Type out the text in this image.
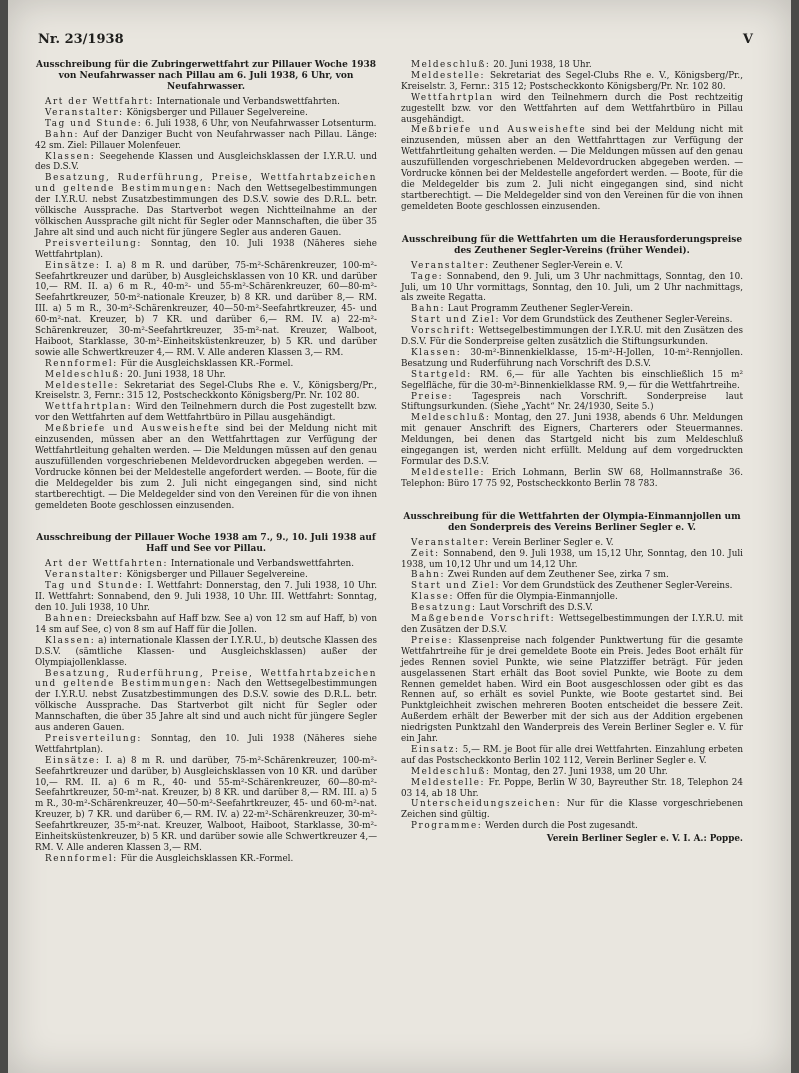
Nr. 23/1938	V
Ausschreibung für die Zubringerwettfahrt zur Pillauer Woche 1938 von Neufahrwasser nach Pillau am 6. Juli 1938, 6 Uhr, von Neufahrwasser.

Art der Wettfahrt: Internationale und Verbandswettfahrten.

Veranstalter: Königsberger und Pillauer Segelvereine.

Tag und Stunde: 6. Juli 1938, 6 Uhr, von Neufahrwasser Lotsenturm.

Bahn: Auf der Danziger Bucht von Neufahrwasser nach Pillau. Länge: 42 sm. Ziel: Pillauer Molenfeuer.

Klassen: Seegehende Klassen und Ausgleichsklassen der I.Y.R.U. und des D.S.V.

Besatzung, Ruderführung, Preise, Wettfahrtabzeichen und geltende Bestimmungen: Nach den Wettsegelbestimmungen der I.Y.R.U. nebst Zusatzbestimmungen des D.S.V. sowie des D.R.L. betr. völkische Aussprache. Das Startverbot wegen Nichtteilnahme an der völkischen Aussprache gilt nicht für Segler oder Mannschaften, die über 35 Jahre alt sind und auch nicht für jüngere Segler aus anderen Gauen.

Preisverteilung: Sonntag, den 10. Juli 1938 (Näheres siehe Wettfahrtplan).

Einsätze: I. a) 8 m R. und darüber, 75-m²-Schärenkreuzer, 100-m²-Seefahrtkreuzer und darüber, b) Ausgleichsklassen von 10 KR. und darüber 10,— RM. II. a) 6 m R., 40-m²- und 55-m²-Schärenkreuzer, 60—80-m²-Seefahrtkreuzer, 50-m²-nationale Kreuzer, b) 8 KR. und darüber 8,— RM. III. a) 5 m R., 30-m²-Schärenkreuzer, 40—50-m²-Seefahrtkreuzer, 45- und 60-m²-nat. Kreuzer, b) 7 KR. und darüber 6,— RM. IV. a) 22-m²-Schärenkreuzer, 30-m²-Seefahrtkreuzer, 35-m²-nat. Kreuzer, Walboot, Haiboot, Starklasse, 30-m²-Einheitsküstenkreuzer, b) 5 KR. und darüber sowie alle Schwertkreuzer 4,— RM. V. Alle anderen Klassen 3,— RM.

Rennformel: Für die Ausgleichsklassen KR.-Formel.

Meldeschluß: 20. Juni 1938, 18 Uhr.

Meldestelle: Sekretariat des Segel-Clubs Rhe e. V., Königsberg/Pr., Kreiselstr. 3, Fernr.: 315 12, Postscheckkonto Königsberg/Pr. Nr. 102 80.

Wettfahrtplan: Wird den Teilnehmern durch die Post zugestellt bzw. vor den Wettfahrten auf dem Wettfahrtbüro in Pillau ausgehändigt.

Meßbriefe und Ausweishefte sind bei der Meldung nicht mit einzusenden, müssen aber an den Wettfahrttagen zur Verfügung der Wettfahrtleitung gehalten werden. — Die Meldungen müssen auf den genau auszufüllenden vorgeschriebenen Meldevordrucken abgegeben werden. — Vordrucke können bei der Meldestelle angefordert werden. — Boote, für die die Meldegelder bis zum 2. Juli nicht eingegangen sind, sind nicht startberechtigt. — Die Meldegelder sind von den Vereinen für die von ihnen gemeldeten Boote geschlossen einzusenden.

Ausschreibung der Pillauer Woche 1938 am 7., 9., 10. Juli 1938 auf Haff und See vor Pillau.

Art der Wettfahrten: Internationale und Verbandswettfahrten.

Veranstalter: Königsberger und Pillauer Segelvereine.

Tag und Stunde: I. Wettfahrt: Donnerstag, den 7. Juli 1938, 10 Uhr. II. Wettfahrt: Sonnabend, den 9. Juli 1938, 10 Uhr. III. Wettfahrt: Sonntag, den 10. Juli 1938, 10 Uhr.

Bahnen: Dreiecksbahn auf Haff bzw. See a) von 12 sm auf Haff, b) von 14 sm auf See, c) von 8 sm auf Haff für die Jollen.

Klassen: a) internationale Klassen der I.Y.R.U., b) deutsche Klassen des D.S.V. (sämtliche Klassen- und Ausgleichsklassen) außer der Olympiajollenklasse.

Besatzung, Ruderführung, Preise, Wettfahrtabzeichen und geltende Bestimmungen: Nach den Wettsegelbestimmungen der I.Y.R.U. nebst Zusatzbestimmungen des D.S.V. sowie des D.R.L. betr. völkische Aussprache. Das Startverbot gilt nicht für Segler oder Mannschaften, die über 35 Jahre alt sind und auch nicht für jüngere Segler aus anderen Gauen.

Preisverteilung: Sonntag, den 10. Juli 1938 (Näheres siehe Wettfahrtplan).

Einsätze: I. a) 8 m R. und darüber, 75-m²-Schärenkreuzer, 100-m²-Seefahrtkreuzer und darüber, b) Ausgleichsklassen von 10 KR. und darüber 10,— RM. II. a) 6 m R., 40- und 55-m²-Schärenkreuzer, 60—80-m²-Seefahrtkreuzer, 50-m²-nat. Kreuzer, b) 8 KR. und darüber 8,— RM. III. a) 5 m R., 30-m²-Schärenkreuzer, 40—50-m²-Seefahrtkreuzer, 45- und 60-m²-nat. Kreuzer, b) 7 KR. und darüber 6,— RM. IV. a) 22-m²-Schärenkreuzer, 30-m²-Seefahrtkreuzer, 35-m²-nat. Kreuzer, Walboot, Haiboot, Starklasse, 30-m²-Einheitsküstenkreuzer, b) 5 KR. und darüber sowie alle Schwertkreuzer 4,— RM. V. Alle anderen Klassen 3,— RM.

Rennformel: Für die Ausgleichsklassen KR.-Formel.

Meldeschluß: 20. Juni 1938, 18 Uhr.

Meldestelle: Sekretariat des Segel-Clubs Rhe e. V., Königsberg/Pr., Kreiselstr. 3, Fernr.: 315 12; Postscheckkonto Königsberg/Pr. Nr. 102 80.

Wettfahrtplan wird den Teilnehmern durch die Post rechtzeitig zugestellt bzw. vor den Wettfahrten auf dem Wettfahrtbüro in Pillau ausgehändigt.

Meßbriefe und Ausweishefte sind bei der Meldung nicht mit einzusenden, müssen aber an den Wettfahrttagen zur Verfügung der Wettfahrtleitung gehalten werden. — Die Meldungen müssen auf den genau auszufüllenden vorgeschriebenen Meldevordrucken abgegeben werden. — Vordrucke können bei der Meldestelle angefordert werden. — Boote, für die die Meldegelder bis zum 2. Juli nicht eingegangen sind, sind nicht startberechtigt. — Die Meldegelder sind von den Vereinen für die von ihnen gemeldeten Boote geschlossen einzusenden.

Ausschreibung für die Wettfahrten um die Herausforderungspreise des Zeuthener Segler-Vereins (früher Wendei).

Veranstalter: Zeuthener Segler-Verein e. V.

Tage: Sonnabend, den 9. Juli, um 3 Uhr nachmittags, Sonntag, den 10. Juli, um 10 Uhr vormittags, Sonntag, den 10. Juli, um 2 Uhr nachmittags, als zweite Regatta.

Bahn: Laut Programm Zeuthener Segler-Verein.

Start und Ziel: Vor dem Grundstück des Zeuthener Segler-Vereins.

Vorschrift: Wettsegelbestimmungen der I.Y.R.U. mit den Zusätzen des D.S.V. Für die Sonderpreise gelten zusätzlich die Stiftungsurkunden.

Klassen: 30-m²-Binnenkielklasse, 15-m²-H-Jollen, 10-m²-Rennjollen. Besatzung und Ruderführung nach Vorschrift des D.S.V.

Startgeld: RM. 6,— für alle Yachten bis einschließlich 15 m² Segelfläche, für die 30-m²-Binnenkielklasse RM. 9,— für die Wettfahrtreihe.

Preise: Tagespreis nach Vorschrift. Sonderpreise laut Stiftungsurkunden. (Siehe „Yacht“ Nr. 24/1930, Seite 5.)

Meldeschluß: Montag, den 27. Juni 1938, abends 6 Uhr. Meldungen mit genauer Anschrift des Eigners, Charterers oder Steuermannes. Meldungen, bei denen das Startgeld nicht bis zum Meldeschluß eingegangen ist, werden nicht erfüllt. Meldung auf dem vorgedruckten Formular des D.S.V.

Meldestelle: Erich Lohmann, Berlin SW 68, Hollmannstraße 36. Telephon: Büro 17 75 92, Postscheckkonto Berlin 78 783.

Ausschreibung für die Wettfahrten der Olympia-Einmannjollen um den Sonderpreis des Vereins Berliner Segler e. V.

Veranstalter: Verein Berliner Segler e. V.

Zeit: Sonnabend, den 9. Juli 1938, um 15,12 Uhr, Sonntag, den 10. Juli 1938, um 10,12 Uhr und um 14,12 Uhr.

Bahn: Zwei Runden auf dem Zeuthener See, zirka 7 sm.

Start und Ziel: Vor dem Grundstück des Zeuthener Segler-Vereins.

Klasse: Offen für die Olympia-Einmannjolle.

Besatzung: Laut Vorschrift des D.S.V.

Maßgebende Vorschrift: Wettsegelbestimmungen der I.Y.R.U. mit den Zusätzen der D.S.V.

Preise: Klassenpreise nach folgender Punktwertung für die gesamte Wettfahrtreihe für je drei gemeldete Boote ein Preis. Jedes Boot erhält für jedes Rennen soviel Punkte, wie seine Platzziffer beträgt. Für jeden ausgelassenen Start erhält das Boot soviel Punkte, wie Boote zu dem Rennen gemeldet haben. Wird ein Boot ausgeschlossen oder gibt es das Rennen auf, so erhält es soviel Punkte, wie Boote gestartet sind. Bei Punktgleichheit zwischen mehreren Booten entscheidet die bessere Zeit. Außerdem erhält der Bewerber mit der sich aus der Addition ergebenen niedrigsten Punktzahl den Wanderpreis des Verein Berliner Segler e. V. für ein Jahr.

Einsatz: 5,— RM. je Boot für alle drei Wettfahrten. Einzahlung erbeten auf das Postscheckkonto Berlin 102 112, Verein Berliner Segler e. V.

Meldeschluß: Montag, den 27. Juni 1938, um 20 Uhr.

Meldestelle: Fr. Poppe, Berlin W 30, Bayreuther Str. 18, Telephon 24 03 14, ab 18 Uhr.

Unterscheidungszeichen: Nur für die Klasse vorgeschriebenen Zeichen sind gültig.

Programme: Werden durch die Post zugesandt.

Verein Berliner Segler e. V. I. A.: Poppe.
